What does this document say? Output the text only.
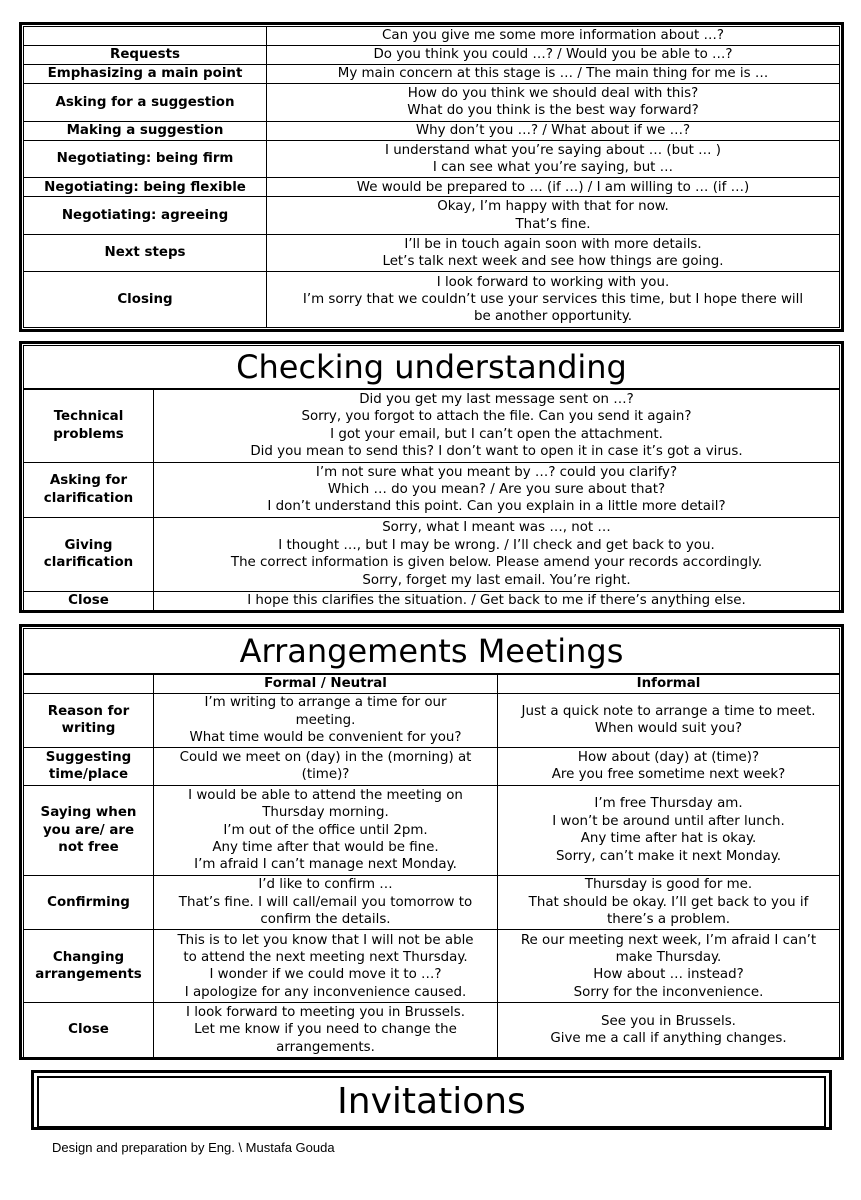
	Can you give me some more information about …?

Requests	Do you think you could …? / Would you be able to …?

Emphasizing a main point	My main concern at this stage is … / The main thing for me is …

Asking for a suggestion	How do you think we should deal with this?
What do you think is the best way forward?

Making a suggestion	Why don’t you …? / What about if we …?

Negotiating: being firm	I understand what you’re saying about … (but … )
I can see what you’re saying, but …

Negotiating: being flexible	We would be prepared to … (if …) / I am willing to … (if …)

Negotiating: agreeing	Okay, I’m happy with that for now.
That’s fine.

Next steps	I’ll be in touch again soon with more details.
Let’s talk next week and see how things are going.

Closing	I look forward to working with you.
I’m sorry that we couldn’t use your services this time, but I hope there will
be another opportunity.
Checking understanding
Technical
problems	Did you get my last message sent on …?
Sorry, you forgot to attach the file. Can you send it again?
I got your email, but I can’t open the attachment.
Did you mean to send this? I don’t want to open it in case it’s got a virus.

Asking for
clarification	I’m not sure what you meant by …? could you clarify?
Which … do you mean? / Are you sure about that?
I don’t understand this point. Can you explain in a little more detail?

Giving
clarification	Sorry, what I meant was …, not …
I thought …, but I may be wrong. / I’ll check and get back to you.
The correct information is given below. Please amend your records accordingly.
Sorry, forget my last email. You’re right.

Close	I hope this clarifies the situation. / Get back to me if there’s anything else.
Arrangements Meetings
	Formal / Neutral	Informal

Reason for
writing	I’m writing to arrange a time for our
meeting.
What time would be convenient for you?	Just a quick note to arrange a time to meet.
When would suit you?

Suggesting
time/place	Could we meet on (day) in the (morning) at
(time)?	How about (day) at (time)?
Are you free sometime next week?

Saying when
you are/ are
not free	I would be able to attend the meeting on
Thursday morning.
I’m out of the office until 2pm.
Any time after that would be fine.
I’m afraid I can’t manage next Monday.	I’m free Thursday am.
I won’t be around until after lunch.
Any time after hat is okay.
Sorry, can’t make it next Monday.

Confirming	I’d like to confirm …
That’s fine. I will call/email you tomorrow to
confirm the details.	Thursday is good for me.
That should be okay. I’ll get back to you if
there’s a problem.

Changing
arrangements	This is to let you know that I will not be able
to attend the next meeting next Thursday.
I wonder if we could move it to …?
I apologize for any inconvenience caused.	Re our meeting next week, I’m afraid I can’t
make Thursday.
How about … instead?
Sorry for the inconvenience.

Close	I look forward to meeting you in Brussels.
Let me know if you need to change the
arrangements.	See you in Brussels.
Give me a call if anything changes.
Invitations
Design and preparation by Eng. \ Mustafa Gouda
